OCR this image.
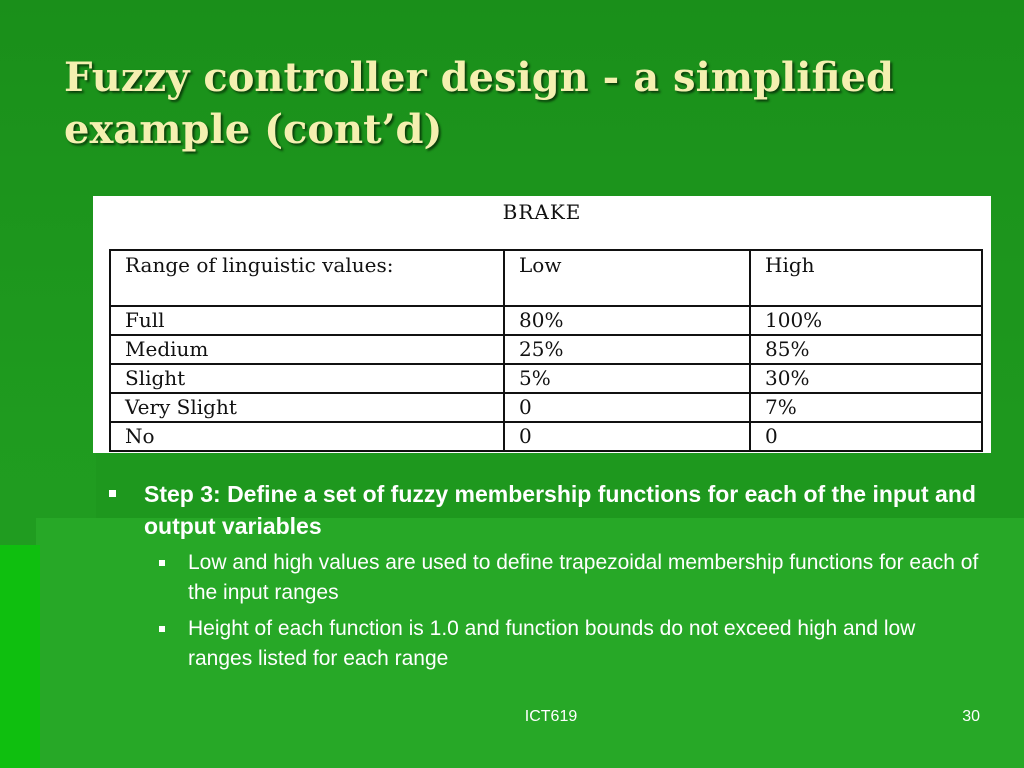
Fuzzy controller design - a simplified example (cont’d)
BRAKE
Range of linguistic values:	Low	High
Full	80%	100%
Medium	25%	85%
Slight	5%	30%
Very Slight	0	7%
No	0	0
Step 3: Define a set of fuzzy membership functions for each of the input and output variables
Low and high values are used to define trapezoidal membership functions for each of the input ranges
Height of each function is 1.0 and function bounds do not exceed high and low ranges listed for each range
ICT619	30
